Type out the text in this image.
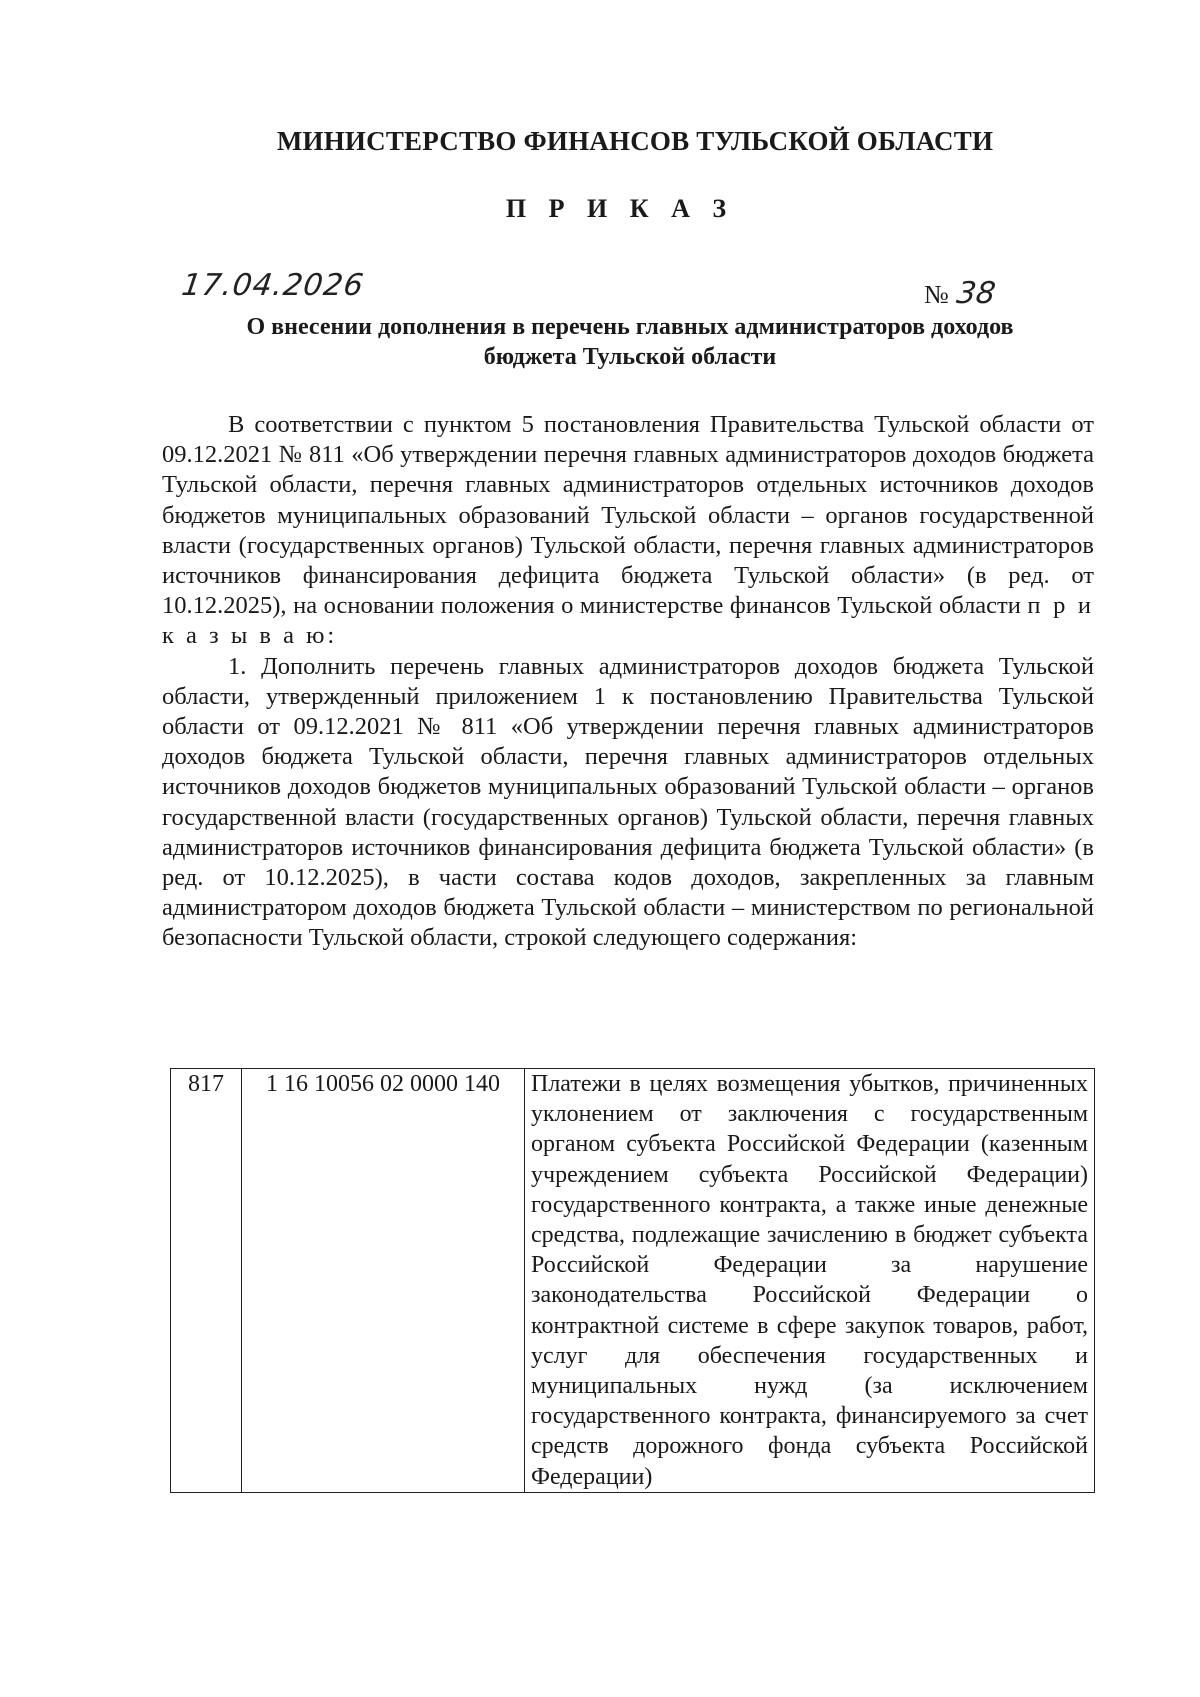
МИНИСТЕРСТВО ФИНАНСОВ ТУЛЬСКОЙ ОБЛАСТИ
П Р И К А З
17.04.2026	№ 38
О внесении дополнения в перечень главных администраторов доходов
бюджета Тульской области

В соответствии с пунктом 5 постановления Правительства Тульской области от 09.12.2021 № 811 «Об утверждении перечня главных администраторов доходов бюджета Тульской области, перечня главных администраторов отдельных источников доходов бюджетов муниципальных образований Тульской области – органов государственной власти (государственных органов) Тульской области, перечня главных администраторов источников финансирования дефицита бюджета Тульской области» (в ред. от 10.12.2025), на основании положения о министерстве финансов Тульской области п р и к а з ы в а ю:

1. Дополнить перечень главных администраторов доходов бюджета Тульской области, утвержденный приложением 1 к постановлению Правительства Тульской области от 09.12.2021 № 811 «Об утверждении перечня главных администраторов доходов бюджета Тульской области, перечня главных администраторов отдельных источников доходов бюджетов муниципальных образований Тульской области – органов государственной власти (государственных органов) Тульской области, перечня главных администраторов источников финансирования дефицита бюджета Тульской области» (в ред. от 10.12.2025), в части состава кодов доходов, закрепленных за главным администратором доходов бюджета Тульской области – министерством по региональной безопасности Тульской области, строкой следующего содержания:

817	1 16 10056 02 0000 140	Платежи в целях возмещения убытков, причиненных уклонением от заключения с государственным органом субъекта Российской Федерации (казенным учреждением субъекта Российской Федерации) государственного контракта, а также иные денежные средства, подлежащие зачислению в бюджет субъекта Российской Федерации за нарушение законодательства Российской Федерации о контрактной системе в сфере закупок товаров, работ, услуг для обеспечения государственных и муниципальных нужд (за исключением государственного контракта, финансируемого за счет средств дорожного фонда субъекта Российской Федерации)
